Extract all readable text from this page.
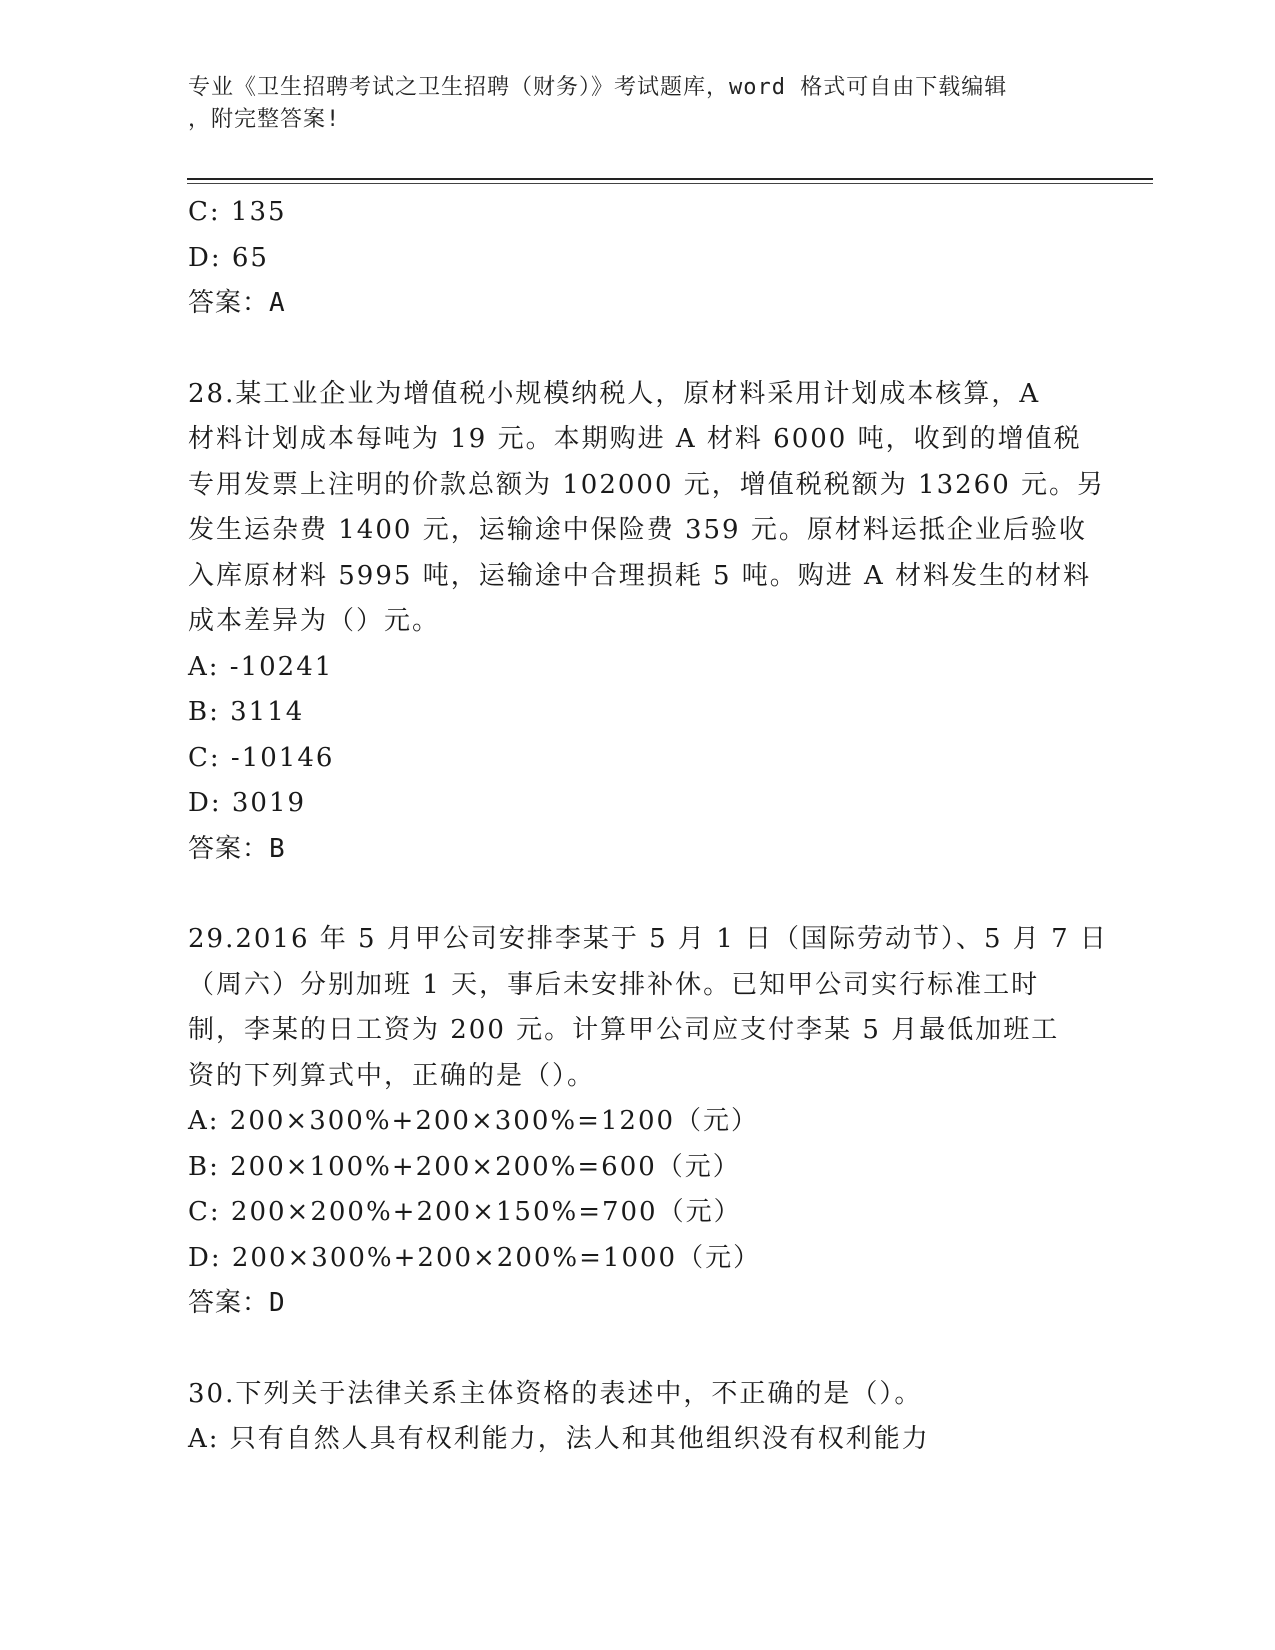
专业《卫生招聘考试之卫生招聘（财务）》考试题库，word 格式可自由下载编辑
，附完整答案!
C: 135
D: 65
答案：A
28.某工业企业为增值税小规模纳税人，原材料采用计划成本核算，A
材料计划成本每吨为 19 元。本期购进 A 材料 6000 吨，收到的增值税
专用发票上注明的价款总额为 102000 元，增值税税额为 13260 元。另
发生运杂费 1400 元，运输途中保险费 359 元。原材料运抵企业后验收
入库原材料 5995 吨，运输途中合理损耗 5 吨。购进 A 材料发生的材料
成本差异为（）元。
A: -10241
B: 3114
C: -10146
D: 3019
答案：B
29.2016 年 5 月甲公司安排李某于 5 月 1 日（国际劳动节）、5 月 7 日
（周六）分别加班 1 天，事后未安排补休。已知甲公司实行标准工时
制，李某的日工资为 200 元。计算甲公司应支付李某 5 月最低加班工
资的下列算式中，正确的是（）。
A: 200×300%+200×300%=1200（元）
B: 200×100%+200×200%=600（元）
C: 200×200%+200×150%=700（元）
D: 200×300%+200×200%=1000（元）
答案：D
30.下列关于法律关系主体资格的表述中，不正确的是（）。
A: 只有自然人具有权利能力，法人和其他组织没有权利能力
